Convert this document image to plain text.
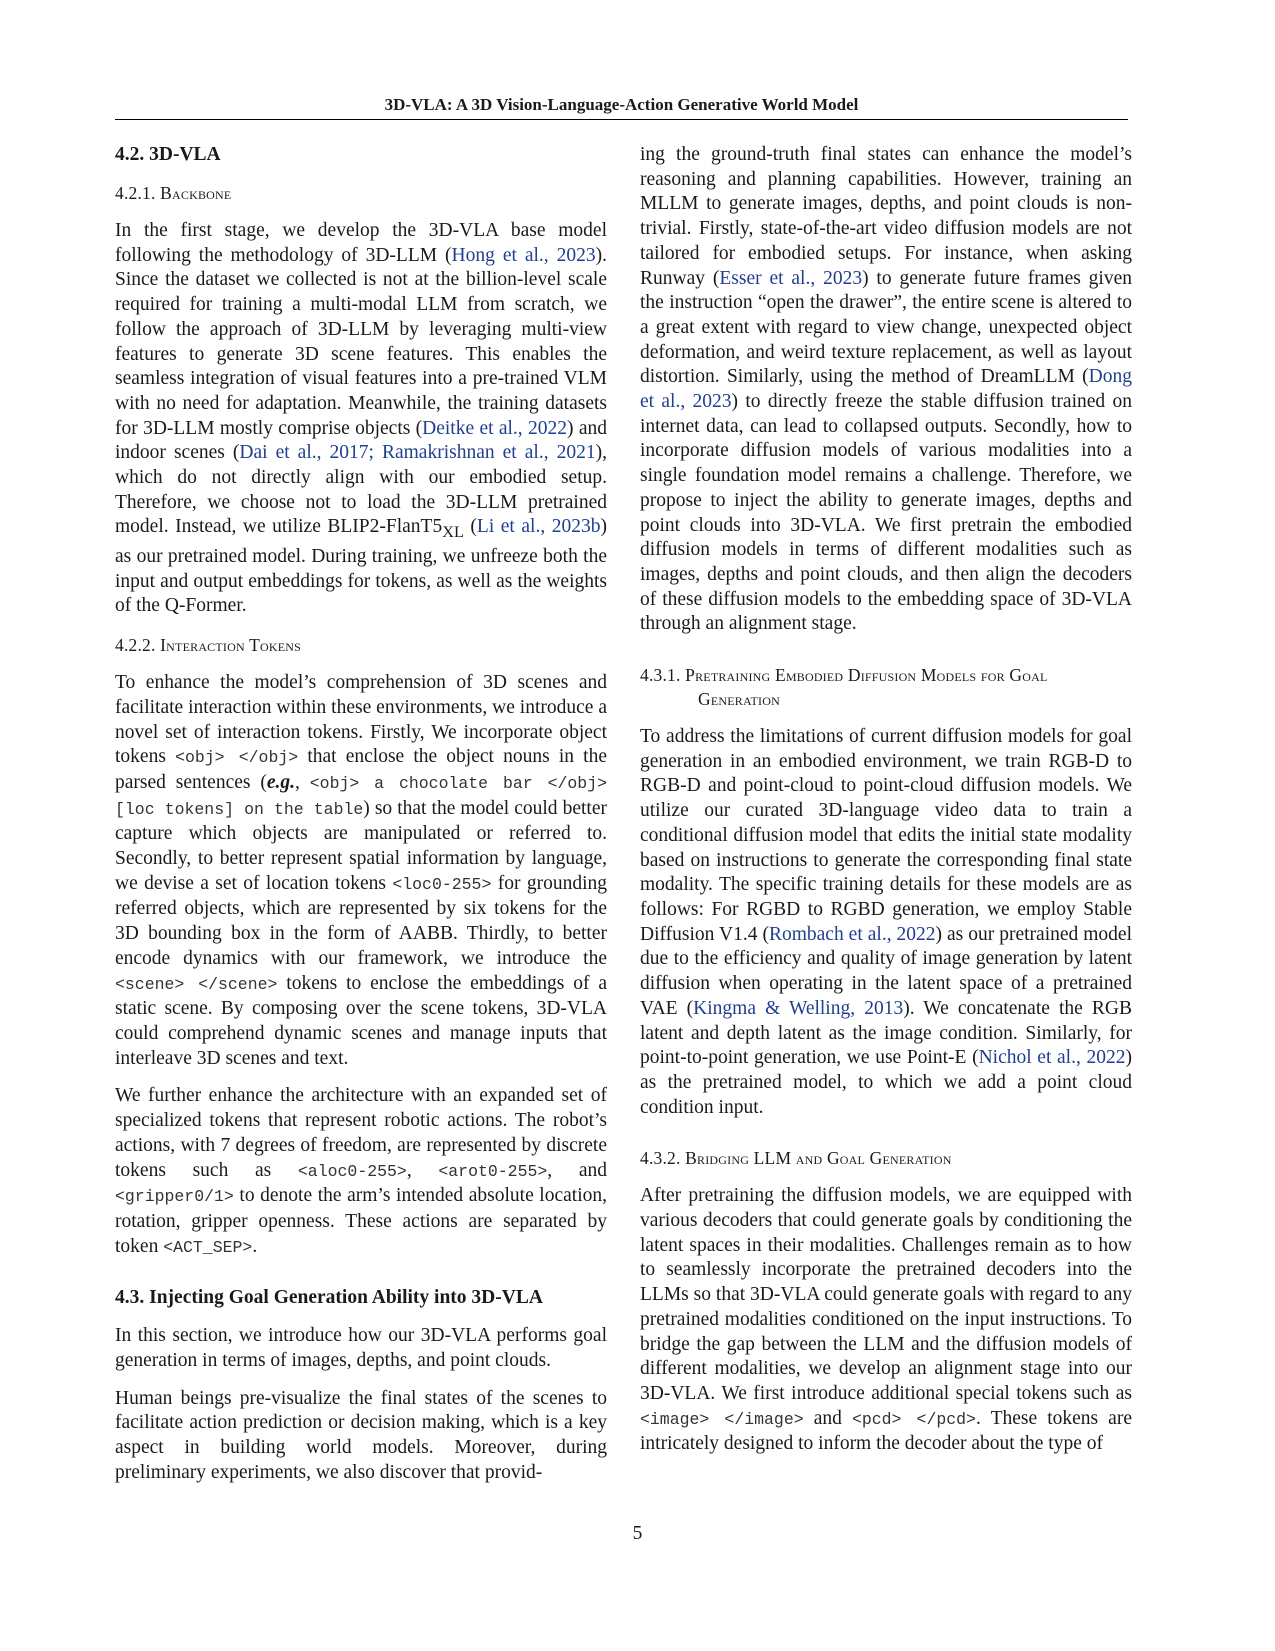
3D-VLA: A 3D Vision-Language-Action Generative World Model
4.2. 3D-VLA
4.2.1. Backbone

In the first stage, we develop the 3D-VLA base model following the methodology of 3D-LLM (Hong et al., 2023). Since the dataset we collected is not at the billion-level scale required for training a multi-modal LLM from scratch, we follow the approach of 3D-LLM by leveraging multi-view features to generate 3D scene features. This enables the seamless integration of visual features into a pre-trained VLM with no need for adaptation. Meanwhile, the training datasets for 3D-LLM mostly comprise objects (Deitke et al., 2022) and indoor scenes (Dai et al., 2017; Ramakrishnan et al., 2021), which do not directly align with our embodied setup. Therefore, we choose not to load the 3D-LLM pretrained model. Instead, we utilize $BLIP2-FlanT5_{XL}$ (Li et al., 2023b) as our pretrained model. During training, we unfreeze both the input and output embeddings for tokens, as well as the weights of the Q-Former.

4.2.2. Interaction Tokens

To enhance the model’s comprehension of 3D scenes and facilitate interaction within these environments, we introduce a novel set of interaction tokens. Firstly, We incorporate object tokens <obj> </obj> that enclose the object nouns in the parsed sentences (e.g., <obj> a chocolate bar </obj> [loc tokens] on the table) so that the model could better capture which objects are manipulated or referred to. Secondly, to better represent spatial information by language, we devise a set of location tokens <loc0-255> for grounding referred objects, which are represented by six tokens for the 3D bounding box in the form of AABB. Thirdly, to better encode dynamics with our framework, we introduce the <scene> </scene> tokens to enclose the embeddings of a static scene. By composing over the scene tokens, 3D-VLA could comprehend dynamic scenes and manage inputs that interleave 3D scenes and text.

We further enhance the architecture with an expanded set of specialized tokens that represent robotic actions. The robot’s actions, with 7 degrees of freedom, are represented by discrete tokens such as <aloc0-255>, <arot0-255>, and <gripper0/1> to denote the arm’s intended absolute location, rotation, gripper openness. These actions are separated by token <ACT_SEP>.

4.3. Injecting Goal Generation Ability into 3D-VLA

In this section, we introduce how our 3D-VLA performs goal generation in terms of images, depths, and point clouds.

Human beings pre-visualize the final states of the scenes to facilitate action prediction or decision making, which is a key aspect in building world models. Moreover, during preliminary experiments, we also discover that provid-

ing the ground-truth final states can enhance the model’s reasoning and planning capabilities. However, training an MLLM to generate images, depths, and point clouds is non-trivial. Firstly, state-of-the-art video diffusion models are not tailored for embodied setups. For instance, when asking Runway (Esser et al., 2023) to generate future frames given the instruction “open the drawer”, the entire scene is altered to a great extent with regard to view change, unexpected object deformation, and weird texture replacement, as well as layout distortion. Similarly, using the method of DreamLLM (Dong et al., 2023) to directly freeze the stable diffusion trained on internet data, can lead to collapsed outputs. Secondly, how to incorporate diffusion models of various modalities into a single foundation model remains a challenge. Therefore, we propose to inject the ability to generate images, depths and point clouds into 3D-VLA. We first pretrain the embodied diffusion models in terms of different modalities such as images, depths and point clouds, and then align the decoders of these diffusion models to the embedding space of 3D-VLA through an alignment stage.

4.3.1. Pretraining Embodied Diffusion Models for Goal Generation

To address the limitations of current diffusion models for goal generation in an embodied environment, we train RGB-D to RGB-D and point-cloud to point-cloud diffusion models. We utilize our curated 3D-language video data to train a conditional diffusion model that edits the initial state modality based on instructions to generate the corresponding final state modality. The specific training details for these models are as follows: For RGBD to RGBD generation, we employ Stable Diffusion V1.4 (Rombach et al., 2022) as our pretrained model due to the efficiency and quality of image generation by latent diffusion when operating in the latent space of a pretrained VAE (Kingma & Welling, 2013). We concatenate the RGB latent and depth latent as the image condition. Similarly, for point-to-point generation, we use Point-E (Nichol et al., 2022) as the pretrained model, to which we add a point cloud condition input.

4.3.2. Bridging LLM and Goal Generation

After pretraining the diffusion models, we are equipped with various decoders that could generate goals by conditioning the latent spaces in their modalities. Challenges remain as to how to seamlessly incorporate the pretrained decoders into the LLMs so that 3D-VLA could generate goals with regard to any pretrained modalities conditioned on the input instructions. To bridge the gap between the LLM and the diffusion models of different modalities, we develop an alignment stage into our 3D-VLA. We first introduce additional special tokens such as <image> </image> and <pcd> </pcd>. These tokens are intricately designed to inform the decoder about the type of

5
